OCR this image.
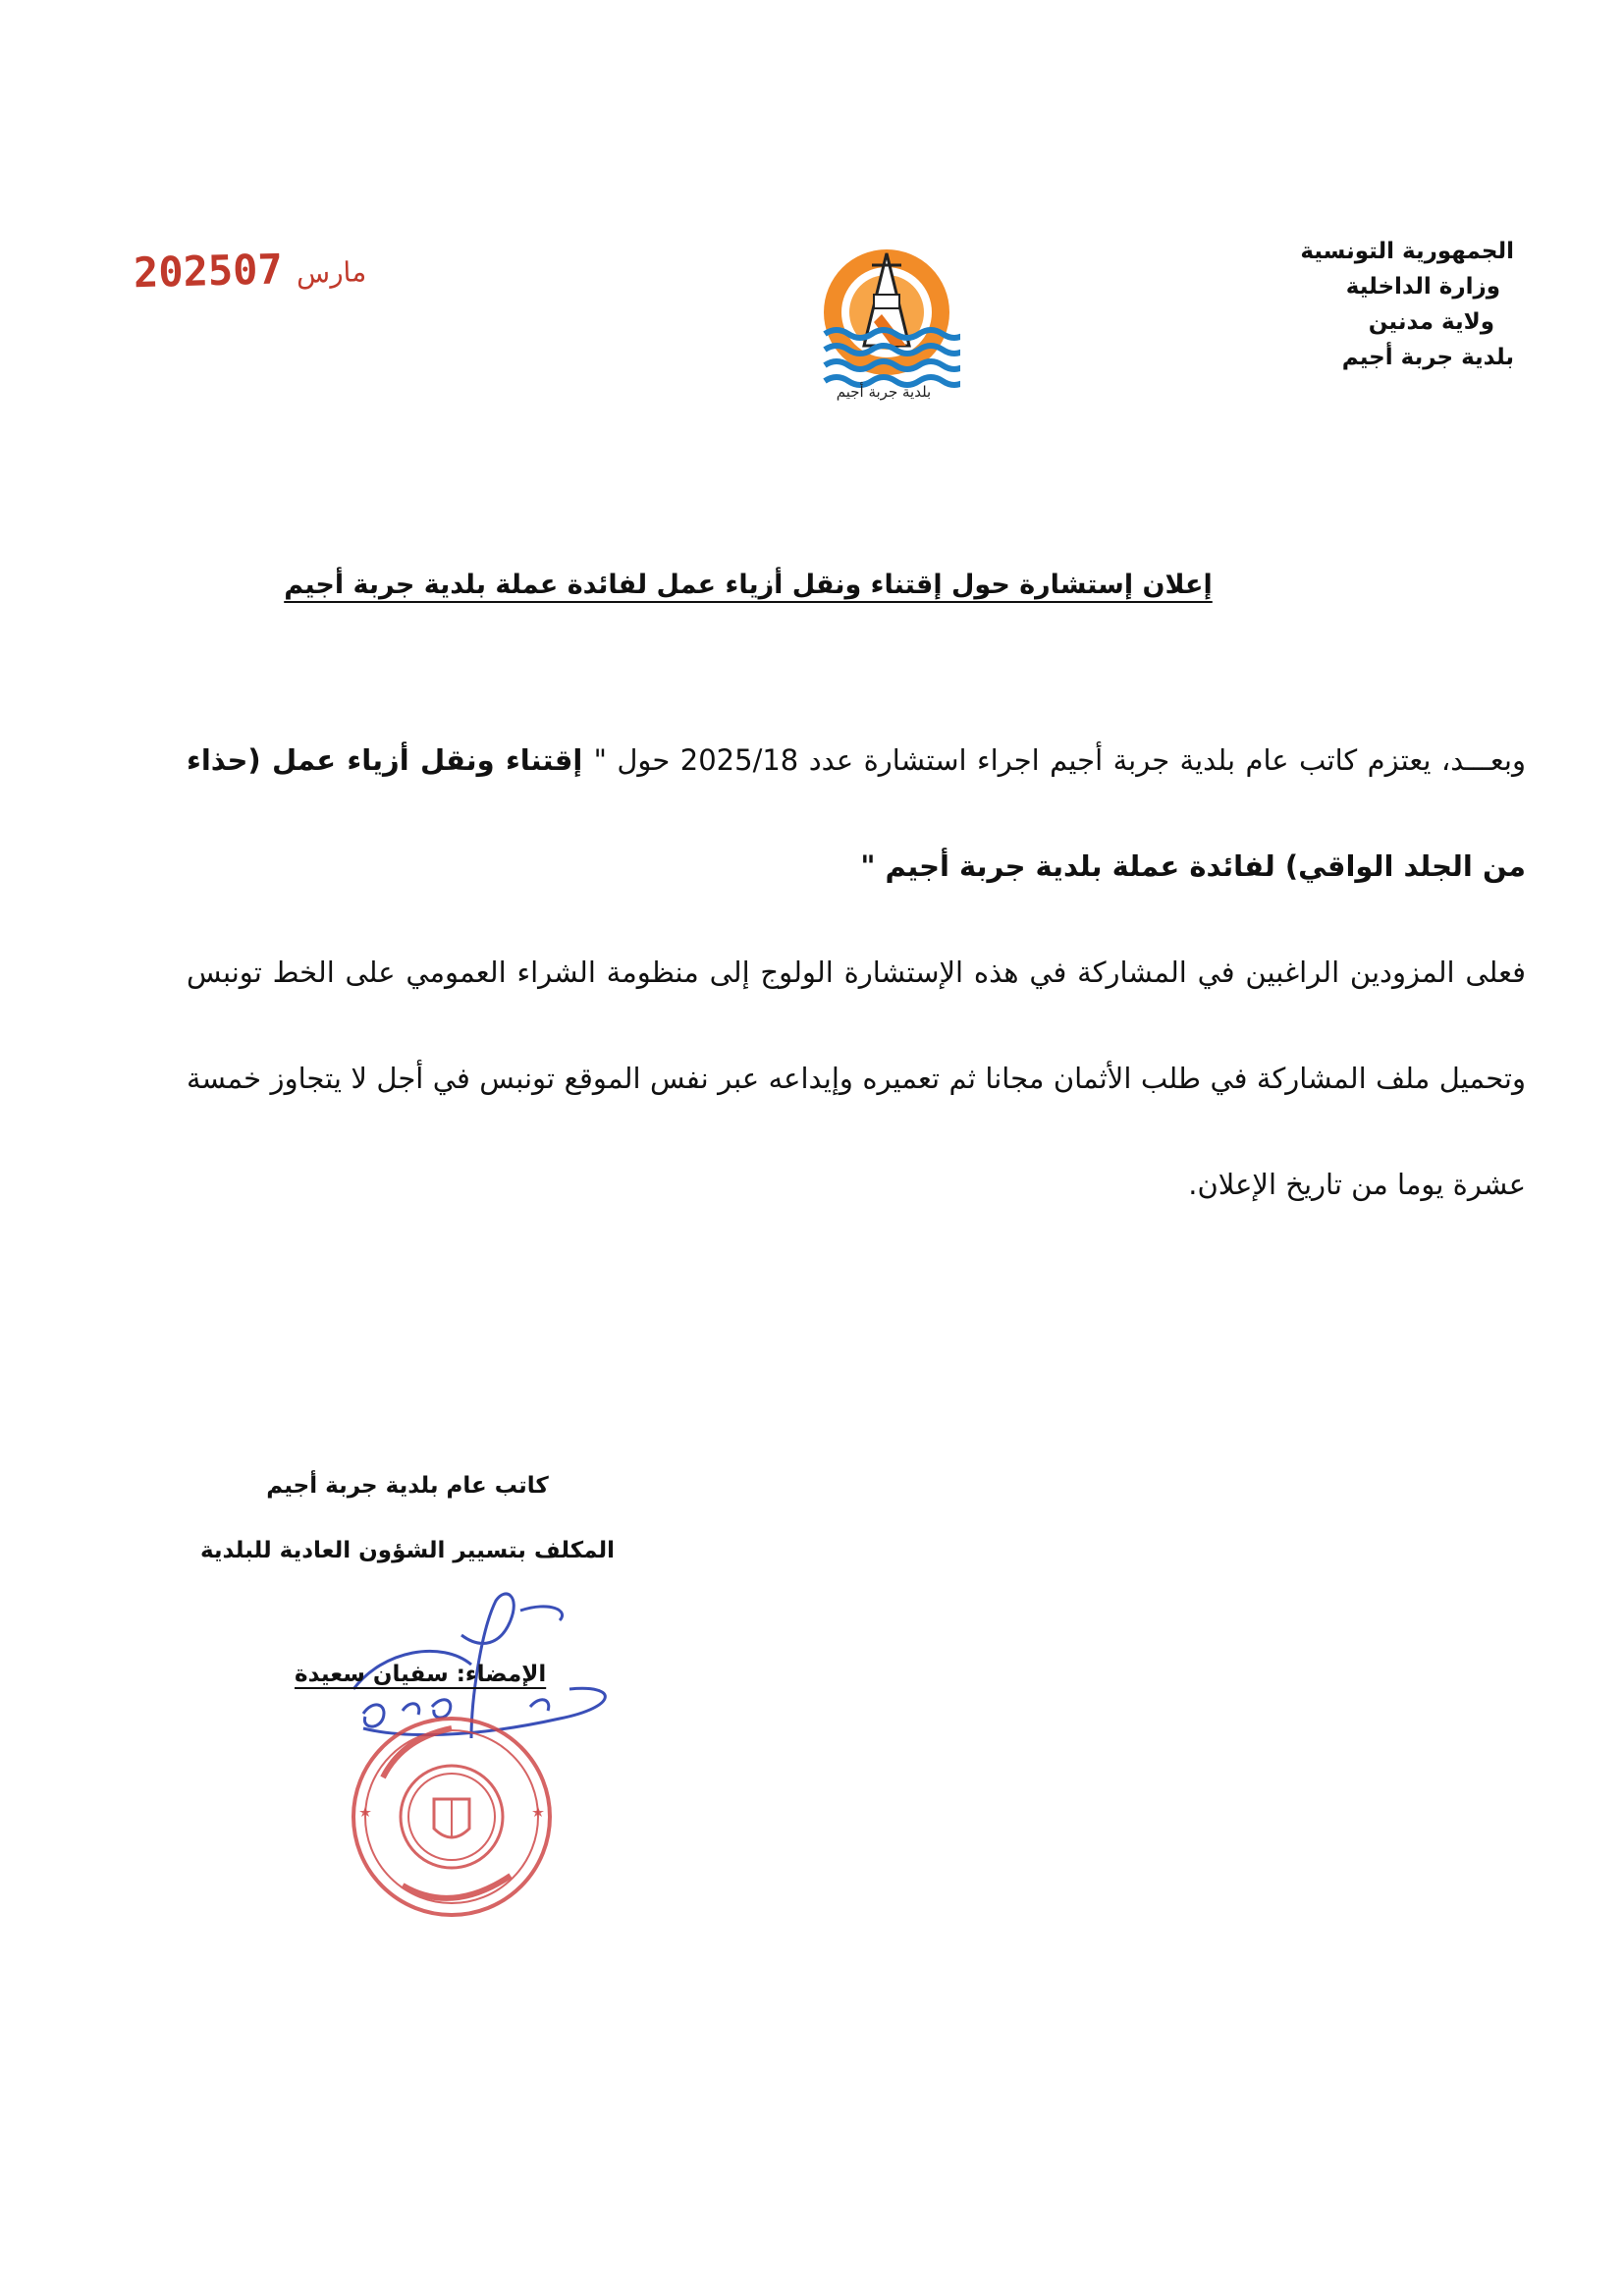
الجمهورية التونسية
وزارة الداخلية
ولاية مدنين
بلدية جربة أجيم
بلدية جربة أجيم
2025 مارس07
إعلان إستشارة حول إقتناء ونقل أزياء عمل لفائدة عملة بلدية جربة أجيم

وبعـــد، يعتزم كاتب عام بلدية جربة أجيم اجراء استشارة عدد 2025/18 حول " إقتناء ونقل أزياء عمل (حذاء من الجلد الواقي) لفائدة عملة بلدية جربة أجيم "

فعلى المزودين الراغبين في المشاركة في هذه الإستشارة الولوج إلى منظومة الشراء العمومي على الخط تونبس وتحميل ملف المشاركة في طلب الأثمان مجانا ثم تعميره وإيداعه عبر نفس الموقع تونبس في أجل لا يتجاوز خمسة عشرة يوما من تاريخ الإعلان.

كاتب عام بلدية جربة أجيم
المكلف بتسيير الشؤون العادية للبلدية
الإمضاء: سفيان سعيدة
